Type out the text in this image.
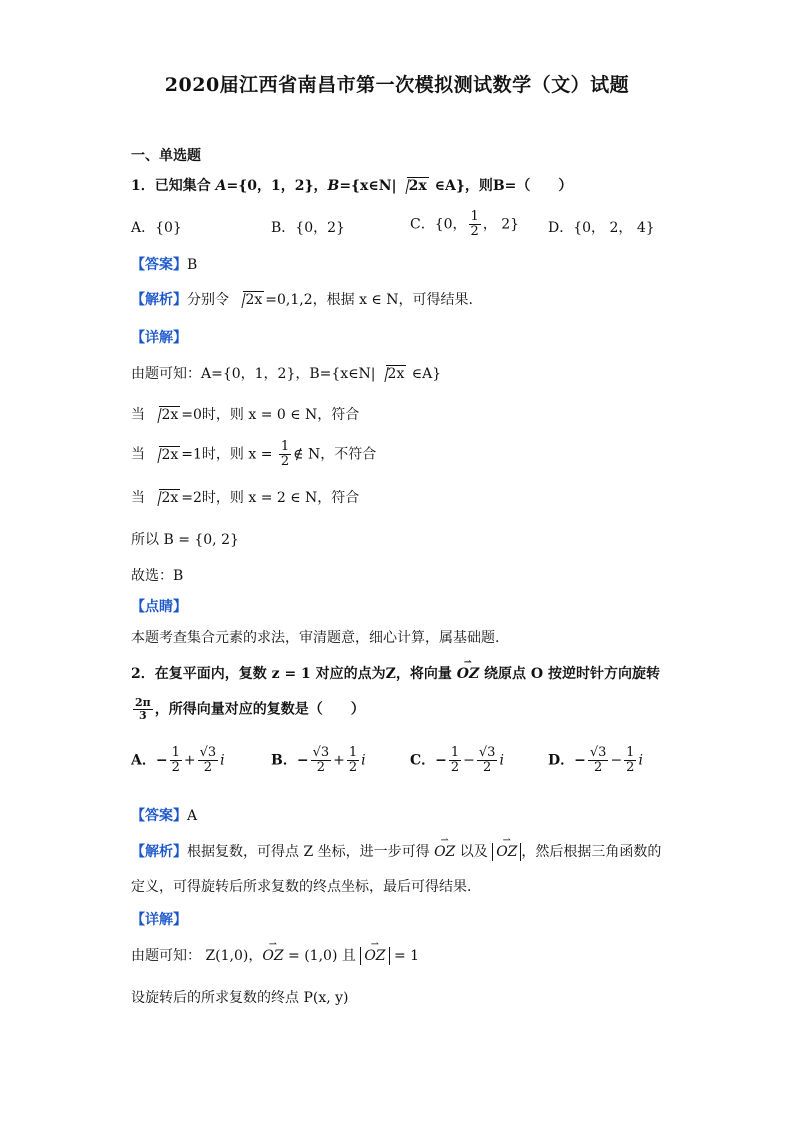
2020届江西省南昌市第一次模拟测试数学（文）试题
一、单选题
1．已知集合 A={0，1，2}，B={x∈N| 2x ∈A}，则B=（　　）
A．{0}	B．{0，2}	C．{0， $\frac{1}{2}$ ， 2} D．{0， 2， 4}
【答案】B
【解析】分别令 2x =0,1,2，根据 x ∈ N，可得结果.
【详解】
由题可知：A={0，1，2}，B={x∈N| 2x ∈A}
当 2x =0时，则 x = 0 ∈ N，符合
当 2x =1时，则 $x = \frac{1}{2}$ ∉ N，不符合
当 2x =2时，则 x = 2 ∈ N，符合
所以 B = {0, 2}
故选：B
【点睛】
本题考查集合元素的求法，审清题意，细心计算，属基础题.
2．在复平面内，复数 z = 1 对应的点为Z，将向量 ⇀ OZ 绕原点 O 按逆时针方向旋转
$\frac{2\pi}{3}$ ，所得向量对应的复数是（　　）
A．− $\frac{1}{2} + \frac{√3}{2}$ i	B．− $\frac{√3}{2} + \frac{1}{2}$ i	C．− $\frac{1}{2} - \frac{√3}{2}$ i	D．− $\frac{√3}{2} - \frac{1}{2}$ i
【答案】A
【解析】根据复数，可得点 Z 坐标，进一步可得 ⇀ OZ 以及 ⇀ OZ ，然后根据三角函数的
定义，可得旋转后所求复数的终点坐标，最后可得结果.
【详解】
由题可知： Z(1,0)，⇀ OZ = (1,0) 且 ⇀ OZ = 1
设旋转后的所求复数的终点 P(x, y)
